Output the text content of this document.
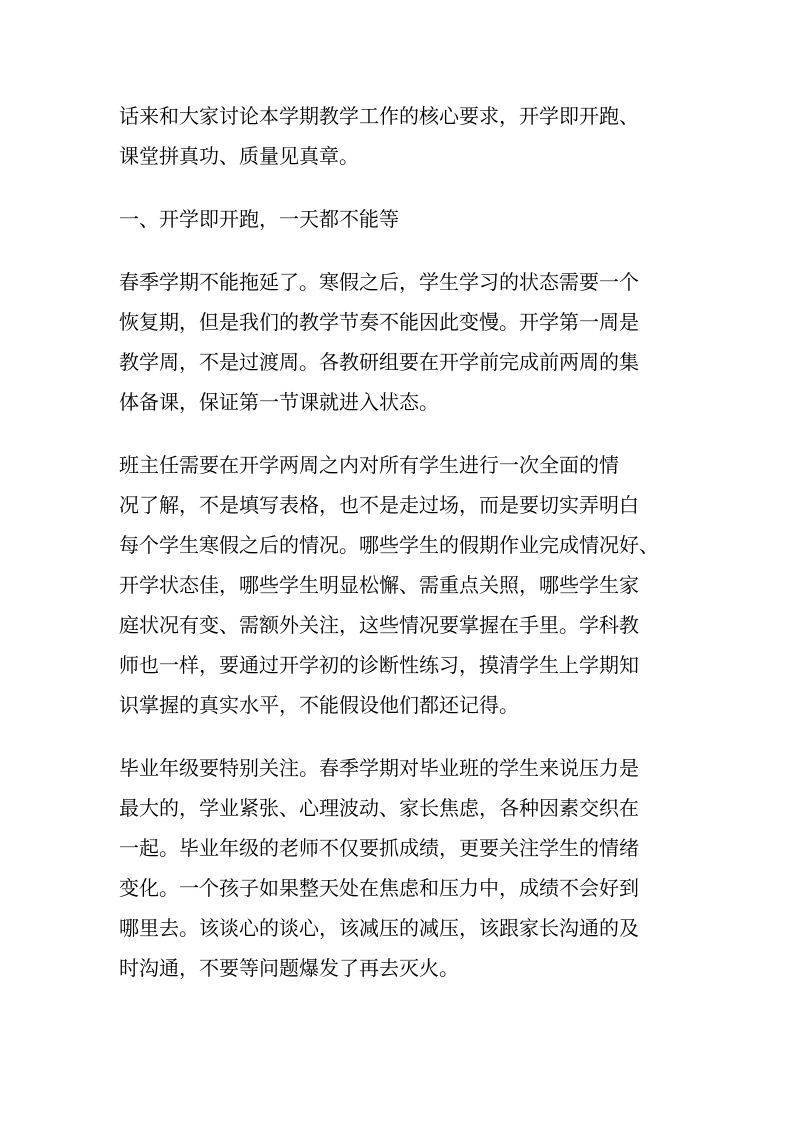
话来和大家讨论本学期教学工作的核心要求，开学即开跑、
课堂拼真功、质量见真章。

一、开学即开跑，一天都不能等

春季学期不能拖延了。寒假之后，学生学习的状态需要一个
恢复期，但是我们的教学节奏不能因此变慢。开学第一周是
教学周，不是过渡周。各教研组要在开学前完成前两周的集
体备课，保证第一节课就进入状态。

班主任需要在开学两周之内对所有学生进行一次全面的情
况了解，不是填写表格，也不是走过场，而是要切实弄明白
每个学生寒假之后的情况。哪些学生的假期作业完成情况好、
开学状态佳，哪些学生明显松懈、需重点关照，哪些学生家
庭状况有变、需额外关注，这些情况要掌握在手里。学科教
师也一样，要通过开学初的诊断性练习，摸清学生上学期知
识掌握的真实水平，不能假设他们都还记得。

毕业年级要特别关注。春季学期对毕业班的学生来说压力是
最大的，学业紧张、心理波动、家长焦虑，各种因素交织在
一起。毕业年级的老师不仅要抓成绩，更要关注学生的情绪
变化。一个孩子如果整天处在焦虑和压力中，成绩不会好到
哪里去。该谈心的谈心，该减压的减压，该跟家长沟通的及
时沟通，不要等问题爆发了再去灭火。
